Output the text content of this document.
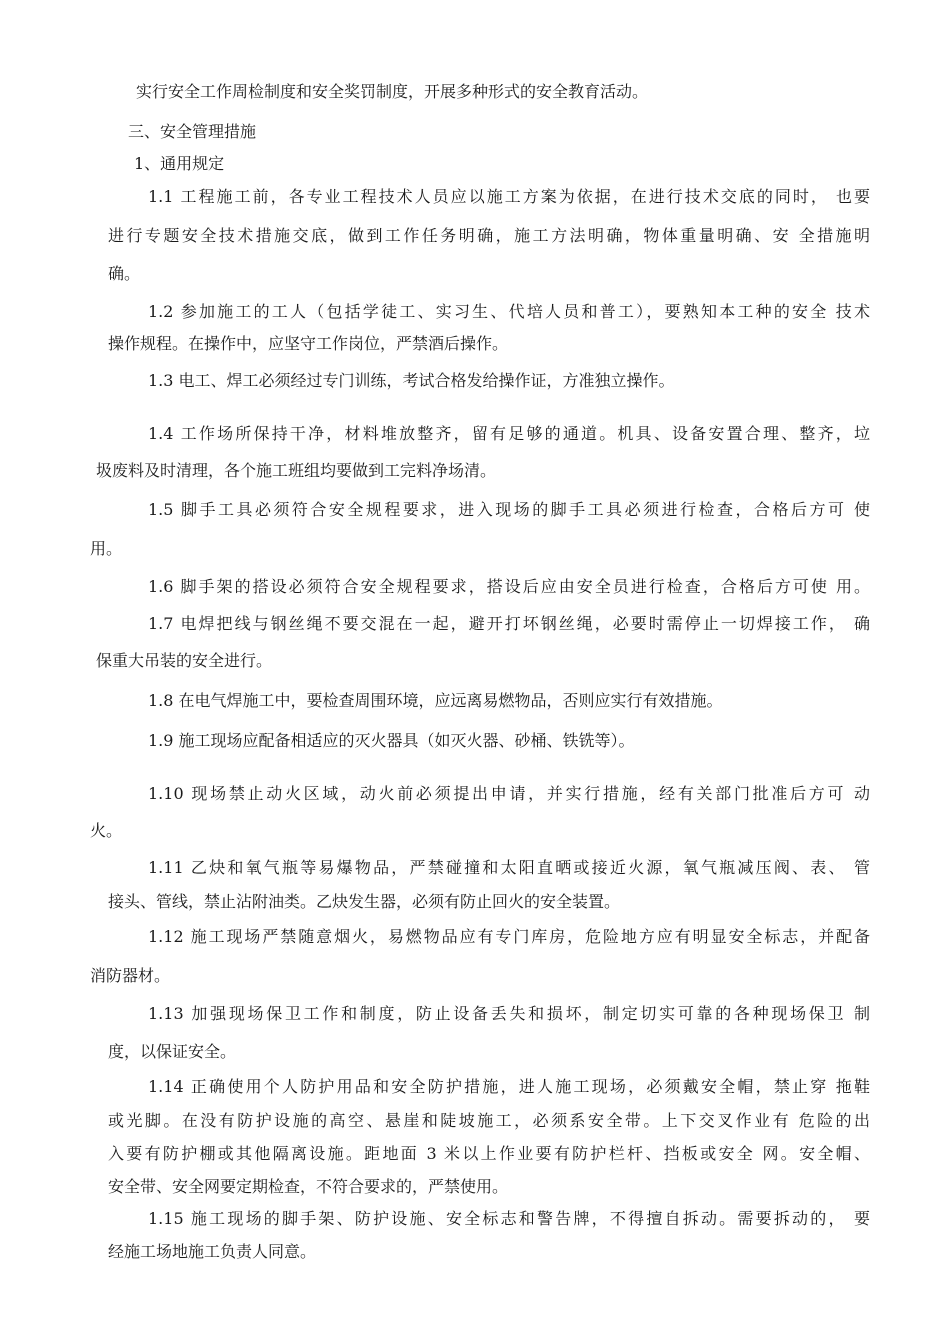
实行安全工作周检制度和安全奖罚制度，开展多种形式的安全教育活动。
三、安全管理措施
1、通用规定
1.1 工程施工前，各专业工程技术人员应以施工方案为依据，在进行技术交底的同时， 也要
进行专题安全技术措施交底，做到工作任务明确，施工方法明确，物体重量明确、安 全措施明
确。
1.2 参加施工的工人（包括学徒工、实习生、代培人员和普工），要熟知本工种的安全 技术
操作规程。在操作中，应坚守工作岗位，严禁酒后操作。
1.3 电工、焊工必须经过专门训练，考试合格发给操作证，方准独立操作。
1.4 工作场所保持干净，材料堆放整齐，留有足够的通道。机具、设备安置合理、整齐，垃
圾废料及时清理，各个施工班组均要做到工完料净场清。
1.5 脚手工具必须符合安全规程要求，进入现场的脚手工具必须进行检查，合格后方可 使
用。
1.6 脚手架的搭设必须符合安全规程要求，搭设后应由安全员进行检查，合格后方可使 用。
1.7 电焊把线与钢丝绳不要交混在一起，避开打坏钢丝绳，必要时需停止一切焊接工作， 确
保重大吊装的安全进行。
1.8 在电气焊施工中，要检查周围环境，应远离易燃物品，否则应实行有效措施。
1.9 施工现场应配备相适应的灭火器具（如灭火器、砂桶、铁铣等）。
1.10 现场禁止动火区域，动火前必须提出申请，并实行措施，经有关部门批准后方可 动
火。
1.11 乙炔和氧气瓶等易爆物品，严禁碰撞和太阳直晒或接近火源，氧气瓶减压阀、表、 管
接头、管线，禁止沾附油类。乙炔发生器，必须有防止回火的安全装置。
1.12 施工现场严禁随意烟火，易燃物品应有专门库房，危险地方应有明显安全标志，并配备
消防器材。
1.13 加强现场保卫工作和制度，防止设备丢失和损坏，制定切实可靠的各种现场保卫 制
度，以保证安全。
1.14 正确使用个人防护用品和安全防护措施，进人施工现场，必须戴安全帽，禁止穿 拖鞋
或光脚。在没有防护设施的高空、悬崖和陡坡施工，必须系安全带。上下交叉作业有 危险的出
入要有防护棚或其他隔离设施。距地面 3 米以上作业要有防护栏杆、挡板或安全 网。安全帽、
安全带、安全网要定期检查，不符合要求的，严禁使用。
1.15 施工现场的脚手架、防护设施、安全标志和警告牌，不得擅自拆动。需要拆动的， 要
经施工场地施工负责人同意。
